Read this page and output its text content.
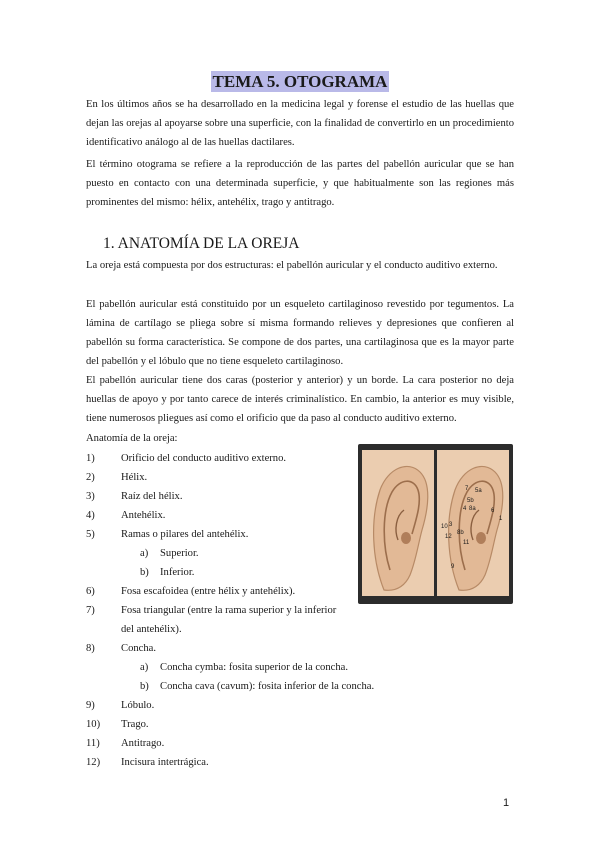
TEMA 5. OTOGRAMA

En los últimos años se ha desarrollado en la medicina legal y forense el estudio de las huellas que dejan las orejas al apoyarse sobre una superficie, con la finalidad de convertirlo en un procedimiento identificativo análogo al de las huellas dactilares.

El término otograma se refiere a la reproducción de las partes del pabellón auricular que se han puesto en contacto con una determinada superficie, y que habitualmente son las regiones más prominentes del mismo: hélix, antehélix, trago y antitrago.

1. ANATOMÍA DE LA OREJA

La oreja está compuesta por dos estructuras: el pabellón auricular y el conducto auditivo externo.

El pabellón auricular está constituido por un esqueleto cartilaginoso revestido por tegumentos. La lámina de cartílago se pliega sobre sí misma formando relieves y depresiones que confieren al pabellón su forma característica. Se compone de dos partes, una cartilaginosa que es la mayor parte del pabellón y el lóbulo que no tiene esqueleto cartilaginoso.

El pabellón auricular tiene dos caras (posterior y anterior) y un borde. La cara posterior no deja huellas de apoyo y por tanto carece de interés criminalístico. En cambio, la anterior es muy visible, tiene numerosos pliegues así como el orificio que da paso al conducto auditivo externo.

Anatomía de la oreja:

1) Orificio del conducto auditivo externo.
2) Hélix.
3) Raíz del hélix.
4) Antehélix.
5) Ramas o pilares del antehélix.
a) Superior.
b) Inferior.
6) Fosa escafoidea (entre hélix y antehélix).
7) Fosa triangular (entre la rama superior y la inferior
del antehélix).
8) Concha.
a) Concha cymba: fosita superior de la concha.
b) Concha cava (cavum): fosita inferior de la concha.
9) Lóbulo.
10) Trago.
11) Antitrago.
12) Incisura intertrágica.
7 5a
5b
4	6
8a
1
10
8b
12
3
11
9
1
